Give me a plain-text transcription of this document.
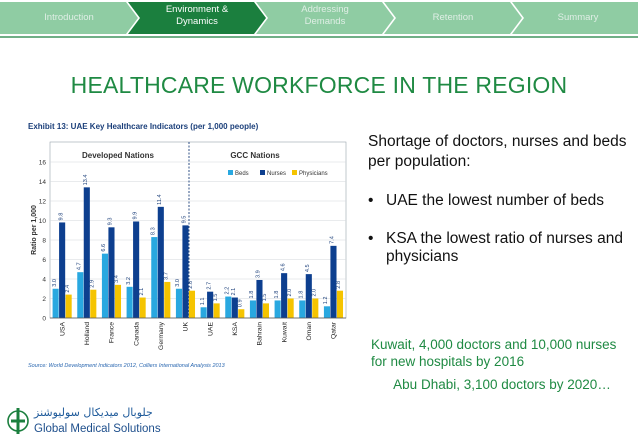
Introduction
Environment &
Dynamics
Addressing
Demands	Retention	Summary
HEALTHCARE WORKFORCE IN THE REGION
Exhibit 13: UAE Key Healthcare Indicators (per 1,000 people)
Developed Nations	GCC Nations
Beds	Nurses Physicians
3.0
9.8
2.4
4.7
13.4
2.9
6.6
9.3
3.4 3.2
9.9
2.1
8.3
11.4
3.7
3.0
9.5
2.8
1.1
2.7
1.5
2.2 2.1
0.9
1.8
3.9
1.5 1.8
4.6
2.0 1.8
4.5
2.0
1.2
7.4
2.8
0
2
4
6
8
10
12
14
16
USA	Holland	France	Canada	Germany	UK	UAE	KSA	Bahrain	Kuwait	Oman	Qatar
Ratio per 1,000
Source: World Development Indicators 2012, Colliers International Analysis 2013
Shortage of doctors, nurses and beds per population:
• UAE the lowest number of beds
• KSA the lowest ratio of nurses and physicians
Kuwait, 4,000 doctors and 10,000 nurses for new hospitals by 2016
Abu Dhabi, 3,100 doctors by 2020…
جلوبال ميديكال سوليوشنز
Global Medical Solutions
